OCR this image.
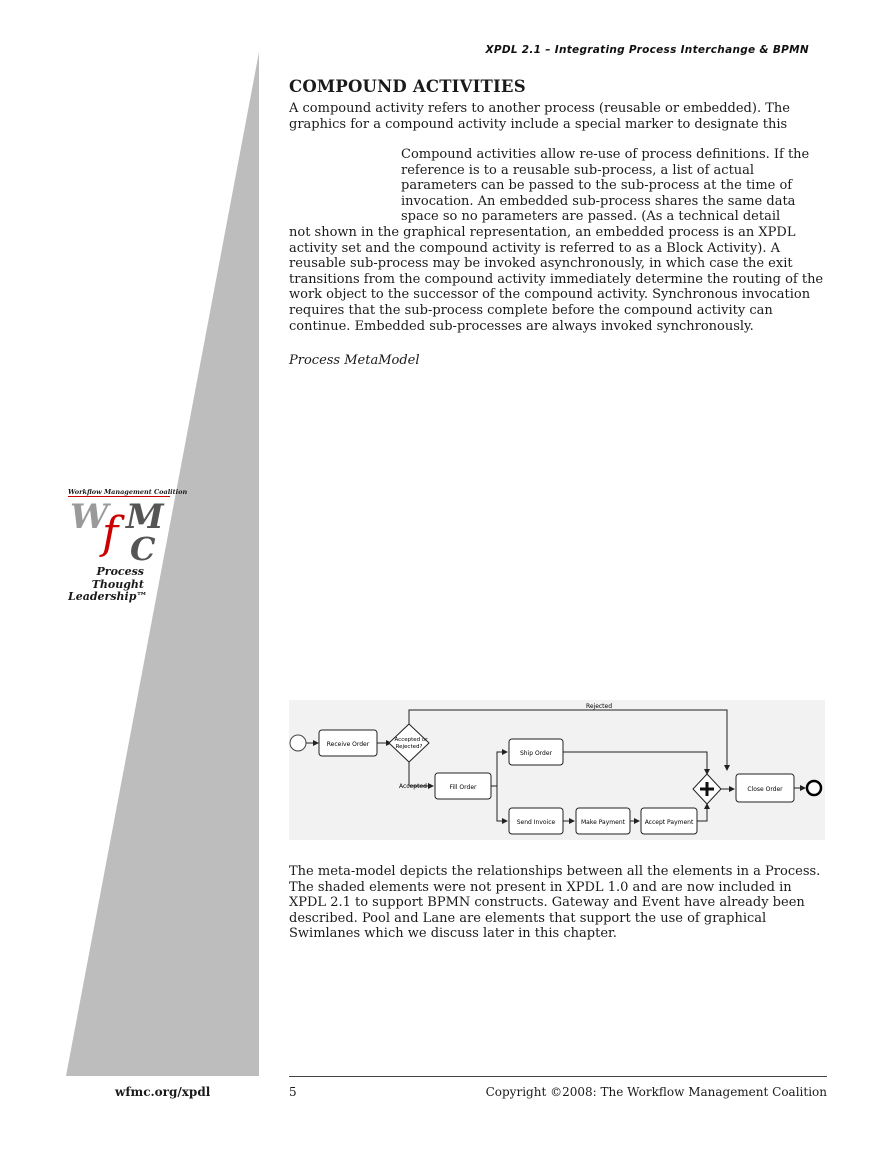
XPDL 2.1 – Integrating Process Interchange & BPMN
COMPOUND ACTIVITIES
A compound activity refers to another process (reusable or embedded). The graphics for a compound activity include a special marker to designate this
Compound activities allow re-use of process definitions. If the reference is to a reusable sub-process, a list of actual parameters can be passed to the sub-process at the time of invocation. An embedded sub-process shares the same data space so no parameters are passed. (As a technical detail
not shown in the graphical representation, an embedded process is an XPDL activity set and the compound activity is referred to as a Block Activity). A reusable sub-process may be invoked asynchronously, in which case the exit transitions from the compound activity immediately determine the routing of the work object to the successor of the compound activity. Synchronous invocation requires that the sub-process complete before the compound activity can continue. Embedded sub-processes are always invoked synchronously.
Process MetaModel
Workflow Management Coalition
W
f M
C
Process
Thought
Leadership™
Receive Order
Accepted or
Rejected?
Rejected
Accepted	Fill Order
Ship Order
Send Invoice	Make Payment	Accept Payment
Close Order
The meta-model depicts the relationships between all the elements in a Process. The shaded elements were not present in XPDL 1.0 and are now included in XPDL 2.1 to support BPMN constructs. Gateway and Event have already been described. Pool and Lane are elements that support the use of graphical Swimlanes which we discuss later in this chapter.
wfmc.org/xpdl	5	Copyright ©2008: The Workflow Management Coalition
